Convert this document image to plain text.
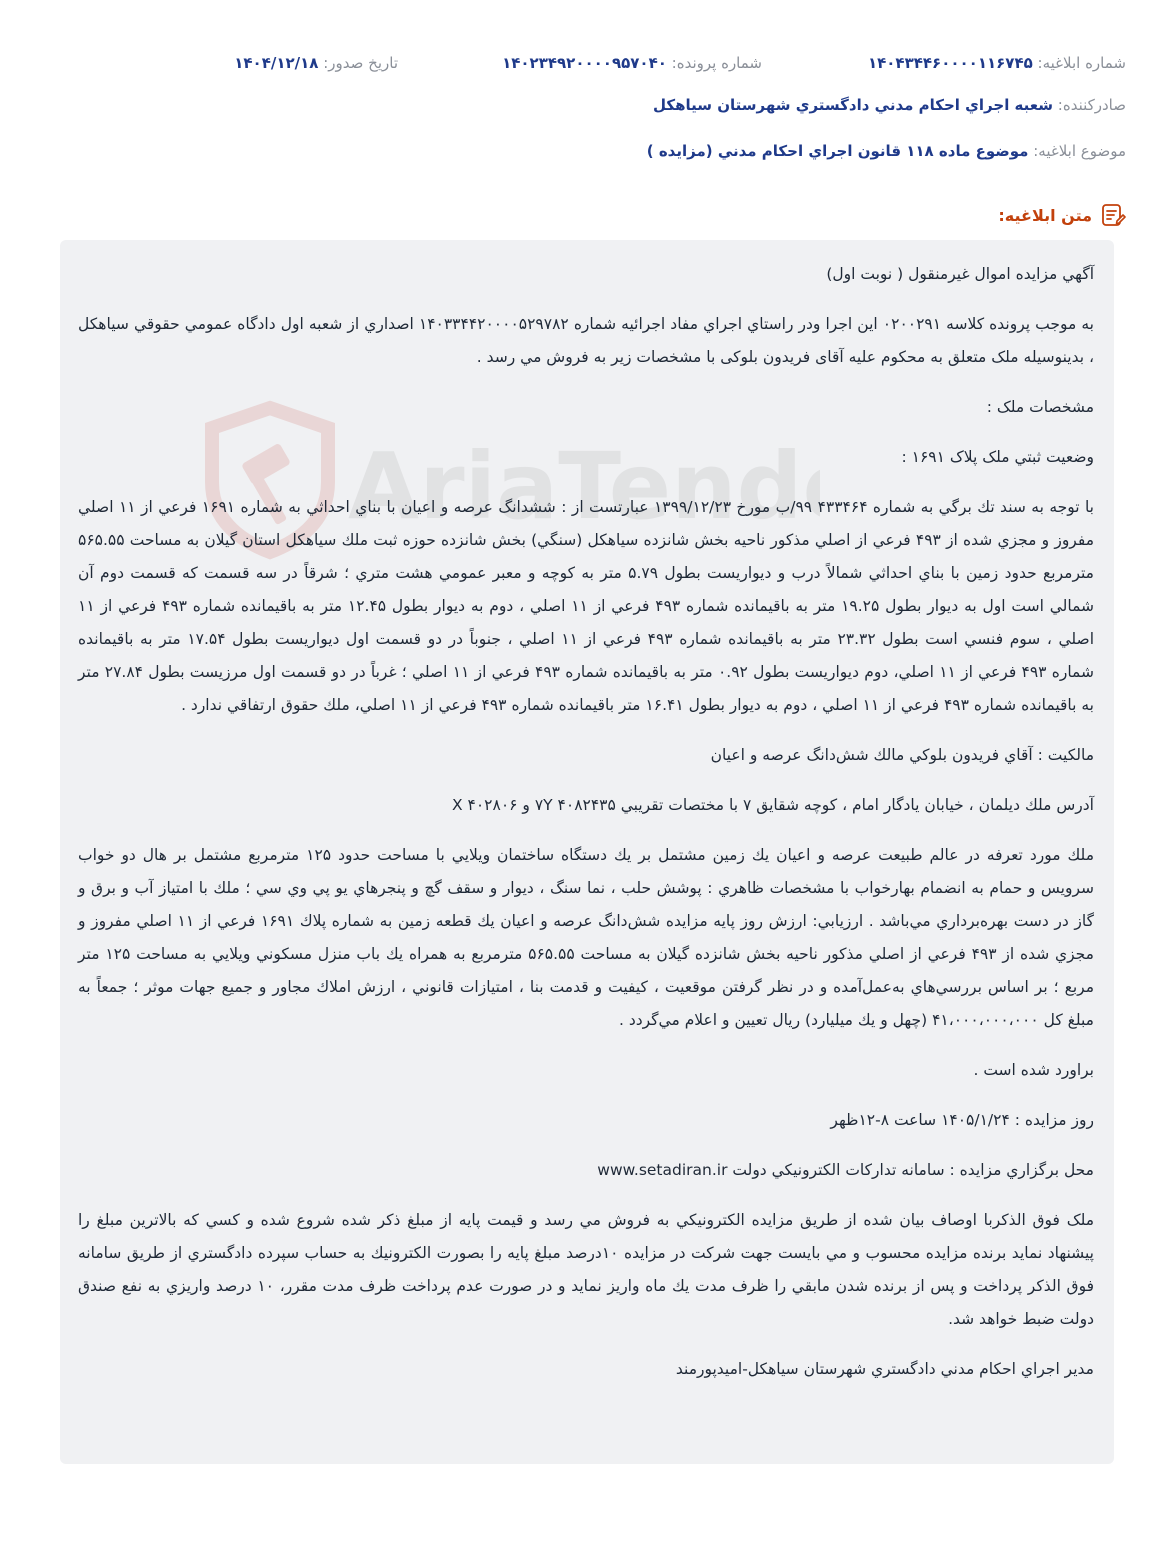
شماره ابلاغيه: ۱۴۰۴۳۴۴۶۰۰۰۰۱۱۶۷۴۵
شماره پرونده: ۱۴۰۲۳۴۹۲۰۰۰۰۹۵۷۰۴۰
تاريخ صدور: ۱۴۰۴/۱۲/۱۸
صادرکننده: شعبه اجراي احکام مدني دادگستري شهرستان سياهکل
موضوع ابلاغيه: موضوع ماده ۱۱۸ قانون اجراي احکام مدني (مزايده )
متن ابلاغيه:
AriaTend

آگهي مزايده اموال غيرمنقول ( نوبت اول)

به موجب پرونده کلاسه ۰۲۰۰۲۹۱ اين اجرا ودر راستاي اجراي مفاد اجرائيه شماره ۱۴۰۳۳۴۴۲۰۰۰۰۵۲۹۷۸۲ اصداري از شعبه اول دادگاه عمومي حقوقي سياهکل ، بدينوسيله ملک متعلق به محکوم عليه آقای فريدون بلوکی با مشخصات زير به فروش مي رسد .

مشخصات ملک :

وضعيت ثبتي ملک پلاک ۱۶۹۱ :

با توجه به سند تك برگي به شماره ۴۳۳۴۶۴ ۹۹/ب مورخ ۱۳۹۹/۱۲/۲۳ عبارتست از : ششدانگ عرصه و اعيان با بناي احداثي به شماره ۱۶۹۱ فرعي از ۱۱ اصلي مفروز و مجزي شده از ۴۹۳ فرعي از اصلي مذكور ناحيه بخش شانزده سياهكل (سنگي) بخش شانزده حوزه ثبت ملك سياهكل استان گيلان به مساحت ۵۶۵.۵۵ مترمربع حدود زمين با بناي احداثي شمالاً درب و ديواريست بطول ۵.۷۹ متر به كوچه و معبر عمومي هشت متري ؛ شرقاً در سه قسمت كه قسمت دوم آن شمالي است اول به ديوار بطول ۱۹.۲۵ متر به باقيمانده شماره ۴۹۳ فرعي از ۱۱ اصلي ، دوم به ديوار بطول ۱۲.۴۵ متر به باقيمانده شماره ۴۹۳ فرعي از ۱۱ اصلي ، سوم فنسي است بطول ۲۳.۳۲ متر به باقيمانده شماره ۴۹۳ فرعي از ۱۱ اصلي ، جنوباً در دو قسمت اول ديواريست بطول ۱۷.۵۴ متر به باقيمانده شماره ۴۹۳ فرعي از ۱۱ اصلي، دوم ديواريست بطول ۰.۹۲ متر به باقيمانده شماره ۴۹۳ فرعي از ۱۱ اصلي ؛ غرباً در دو قسمت اول مرزيست بطول ۲۷.۸۴ متر به باقيمانده شماره ۴۹۳ فرعي از ۱۱ اصلي ، دوم به ديوار بطول ۱۶.۴۱ متر باقيمانده شماره ۴۹۳ فرعي از ۱۱ اصلي، ملك حقوق ارتفاقي ندارد .

مالکيت : آقاي فريدون بلوکي مالك شش‌دانگ عرصه و اعيان

آدرس ملك ديلمان ، خيابان يادگار امام ، کوچه شقايق ۷ با مختصات تقريبي ۴۰۸۲۴۳۵ ۷Y و ۴۰۲۸۰۶ X

ملك مورد تعرفه در عالم طبيعت عرصه و اعيان يك زمين مشتمل بر يك دستگاه ساختمان ويلايي با مساحت حدود ۱۲۵ مترمربع مشتمل بر هال دو خواب سرويس و حمام به انضمام بهارخواب با مشخصات ظاهري : پوشش حلب ، نما سنگ ، ديوار و سقف گچ و پنجرهاي يو پي وي سي ؛ ملك با امتياز آب و برق و گاز در دست بهره‌برداري مي‌باشد . ارزيابي: ارزش روز پايه مزايده شش‌دانگ عرصه و اعيان يك قطعه زمين به شماره پلاك ۱۶۹۱ فرعي از ۱۱ اصلي مفروز و مجزي شده از ۴۹۳ فرعي از اصلي مذكور ناحيه بخش شانزده گيلان به مساحت ۵۶۵.۵۵ مترمربع به همراه يك باب منزل مسكوني ويلايي به مساحت ۱۲۵ متر مربع ؛ بر اساس بررسي‌هاي به‌عمل‌آمده و در نظر گرفتن موقعيت ، كيفيت و قدمت بنا ، امتيازات قانوني ، ارزش املاك مجاور و جميع جهات موثر ؛ جمعاً به مبلغ كل ۴۱،۰۰۰،۰۰۰،۰۰۰ (چهل و يك ميليارد) ريال تعيين و اعلام مي‌گردد .

براورد شده است .

روز مزايده : ۱۴۰۵/۱/۲۴ ساعت ۸-۱۲ظهر

محل برگزاري مزايده : سامانه تدارکات الکترونيکي دولت www.setadiran.ir

ملک فوق الذکربا اوصاف بيان شده از طريق مزايده الکترونيکي به فروش مي رسد و قيمت پايه از مبلغ ذکر شده شروع شده و کسي که بالاترين مبلغ را پيشنهاد نمايد برنده مزايده محسوب و مي بايست جهت شرکت در مزايده ۱۰درصد مبلغ پايه را بصورت الکترونيك به حساب سپرده دادگستري از طريق سامانه فوق الذکر پرداخت و پس از برنده شدن مابقي را ظرف مدت يك ماه واريز نمايد و در صورت عدم پرداخت ظرف مدت مقرر، ۱۰ درصد واريزي به نفع صندق دولت ضبط خواهد شد.

مدير اجراي احکام مدني دادگستري شهرستان سياهکل-اميدپورمند
